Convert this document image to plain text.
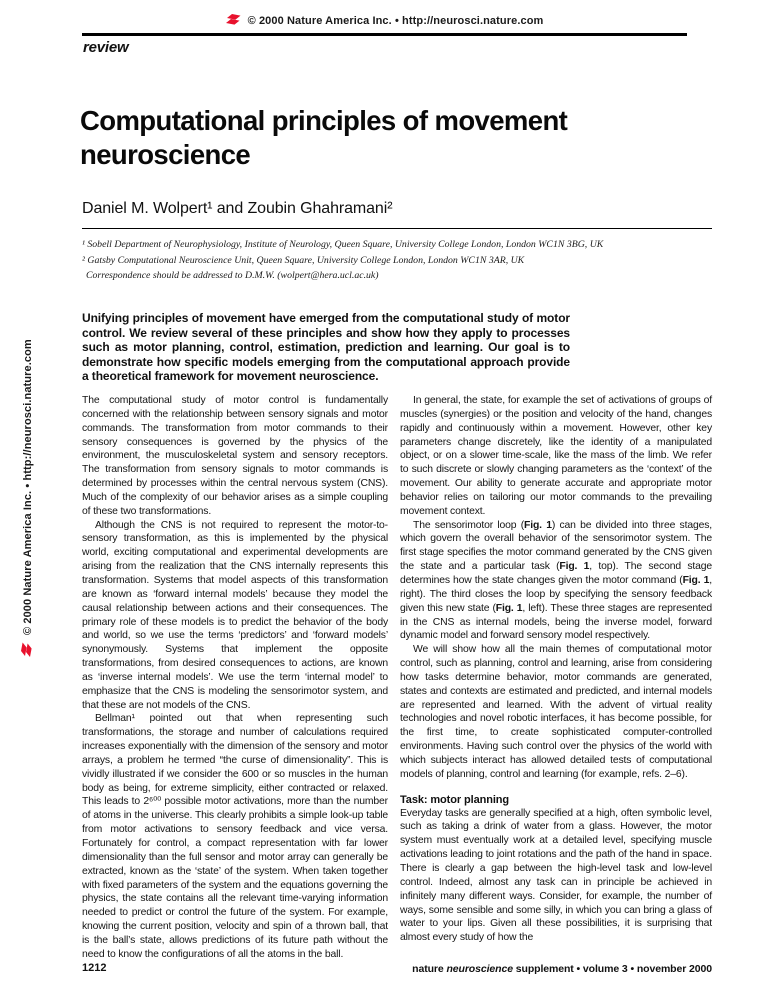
© 2000 Nature America Inc. • http://neurosci.nature.com
review
Computational principles of movement neuroscience
Daniel M. Wolpert¹ and Zoubin Ghahramani²
¹ Sobell Department of Neurophysiology, Institute of Neurology, Queen Square, University College London, London WC1N 3BG, UK
² Gatsby Computational Neuroscience Unit, Queen Square, University College London, London WC1N 3AR, UK
Correspondence should be addressed to D.M.W. (wolpert@hera.ucl.ac.uk)
Unifying principles of movement have emerged from the computational study of motor control. We review several of these principles and show how they apply to processes such as motor planning, control, estimation, prediction and learning. Our goal is to demonstrate how specific models emerging from the computational approach provide a theoretical framework for movement neuroscience.

The computational study of motor control is fundamentally concerned with the relationship between sensory signals and motor commands. The transformation from motor commands to their sensory consequences is governed by the physics of the environment, the musculoskeletal system and sensory receptors. The transformation from sensory signals to motor commands is determined by processes within the central nervous system (CNS). Much of the complexity of our behavior arises as a simple coupling of these two transformations.

Although the CNS is not required to represent the motor-to-sensory transformation, as this is implemented by the physical world, exciting computational and experimental developments are arising from the realization that the CNS internally represents this transformation. Systems that model aspects of this transformation are known as ‘forward internal models’ because they model the causal relationship between actions and their consequences. The primary role of these models is to predict the behavior of the body and world, so we use the terms ‘predictors’ and ‘forward models’ synonymously. Systems that implement the opposite transformations, from desired consequences to actions, are known as ‘inverse internal models’. We use the term ‘internal model’ to emphasize that the CNS is modeling the sensorimotor system, and that these are not models of the CNS.

Bellman¹ pointed out that when representing such transformations, the storage and number of calculations required increases exponentially with the dimension of the sensory and motor arrays, a problem he termed “the curse of dimensionality”. This is vividly illustrated if we consider the 600 or so muscles in the human body as being, for extreme simplicity, either contracted or relaxed. This leads to 2⁶⁰⁰ possible motor activations, more than the number of atoms in the universe. This clearly prohibits a simple look-up table from motor activations to sensory feedback and vice versa. Fortunately for control, a compact representation with far lower dimensionality than the full sensor and motor array can generally be extracted, known as the ‘state’ of the system. When taken together with fixed parameters of the system and the equations governing the physics, the state contains all the relevant time-varying information needed to predict or control the future of the system. For example, knowing the current position, velocity and spin of a thrown ball, that is the ball’s state, allows predictions of its future path without the need to know the configurations of all the atoms in the ball.

In general, the state, for example the set of activations of groups of muscles (synergies) or the position and velocity of the hand, changes rapidly and continuously within a movement. However, other key parameters change discretely, like the identity of a manipulated object, or on a slower time-scale, like the mass of the limb. We refer to such discrete or slowly changing parameters as the ‘context’ of the movement. Our ability to generate accurate and appropriate motor behavior relies on tailoring our motor commands to the prevailing movement context.

The sensorimotor loop (Fig. 1) can be divided into three stages, which govern the overall behavior of the sensorimotor system. The first stage specifies the motor command generated by the CNS given the state and a particular task (Fig. 1, top). The second stage determines how the state changes given the motor command (Fig. 1, right). The third closes the loop by specifying the sensory feedback given this new state (Fig. 1, left). These three stages are represented in the CNS as internal models, being the inverse model, forward dynamic model and forward sensory model respectively.

We will show how all the main themes of computational motor control, such as planning, control and learning, arise from considering how tasks determine behavior, motor commands are generated, states and contexts are estimated and predicted, and internal models are represented and learned. With the advent of virtual reality technologies and novel robotic interfaces, it has become possible, for the first time, to create sophisticated computer-controlled environments. Having such control over the physics of the world with which subjects interact has allowed detailed tests of computational models of planning, control and learning (for example, refs. 2–6).

Task: motor planning

Everyday tasks are generally specified at a high, often symbolic level, such as taking a drink of water from a glass. However, the motor system must eventually work at a detailed level, specifying muscle activations leading to joint rotations and the path of the hand in space. There is clearly a gap between the high-level task and low-level control. Indeed, almost any task can in principle be achieved in infinitely many different ways. Consider, for example, the number of ways, some sensible and some silly, in which you can bring a glass of water to your lips. Given all these possibilities, it is surprising that almost every study of how the

1212	nature neuroscience supplement • volume 3 • november 2000
© 2000 Nature America Inc. • http://neurosci.nature.com
